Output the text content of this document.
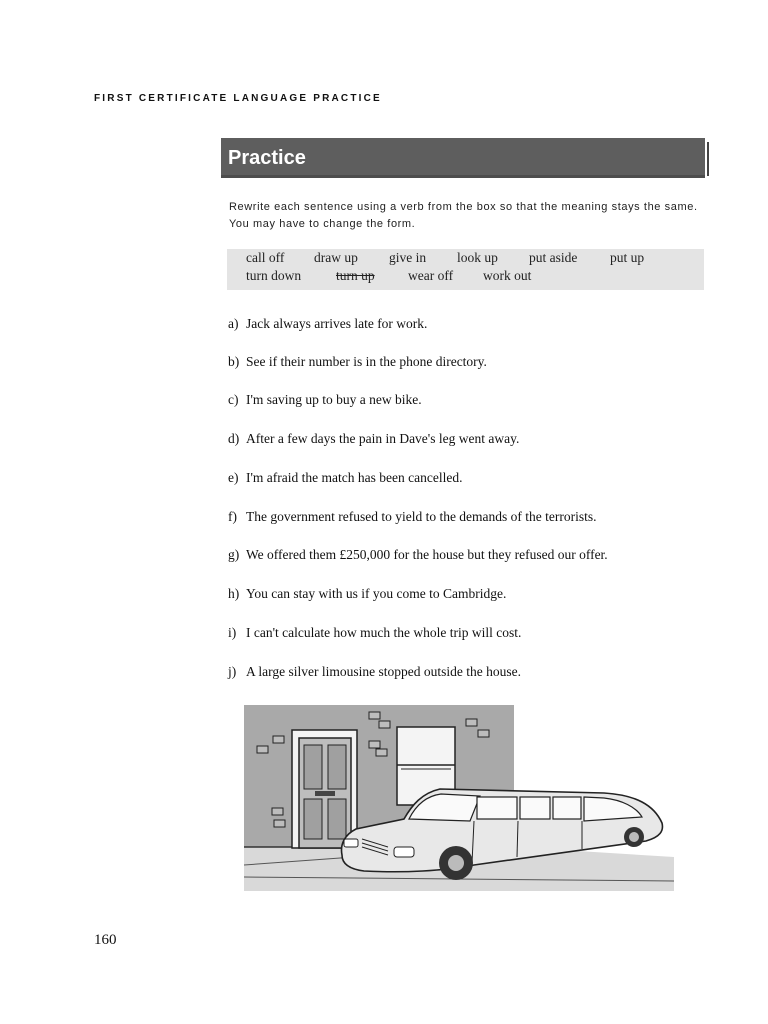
FIRST CERTIFICATE LANGUAGE PRACTICE
Practice
Rewrite each sentence using a verb from the box so that the meaning stays the same. You may have to change the form.
call off draw up give in look up put aside put up
turn down	turn up wear off work out
a) Jack always arrives late for work.
b) See if their number is in the phone directory.
c) I'm saving up to buy a new bike.
d) After a few days the pain in Dave's leg went away.
e) I'm afraid the match has been cancelled.
f) The government refused to yield to the demands of the terrorists.
g) We offered them £250,000 for the house but they refused our offer.
h) You can stay with us if you come to Cambridge.
i) I can't calculate how much the whole trip will cost.
j) A large silver limousine stopped outside the house.
160
